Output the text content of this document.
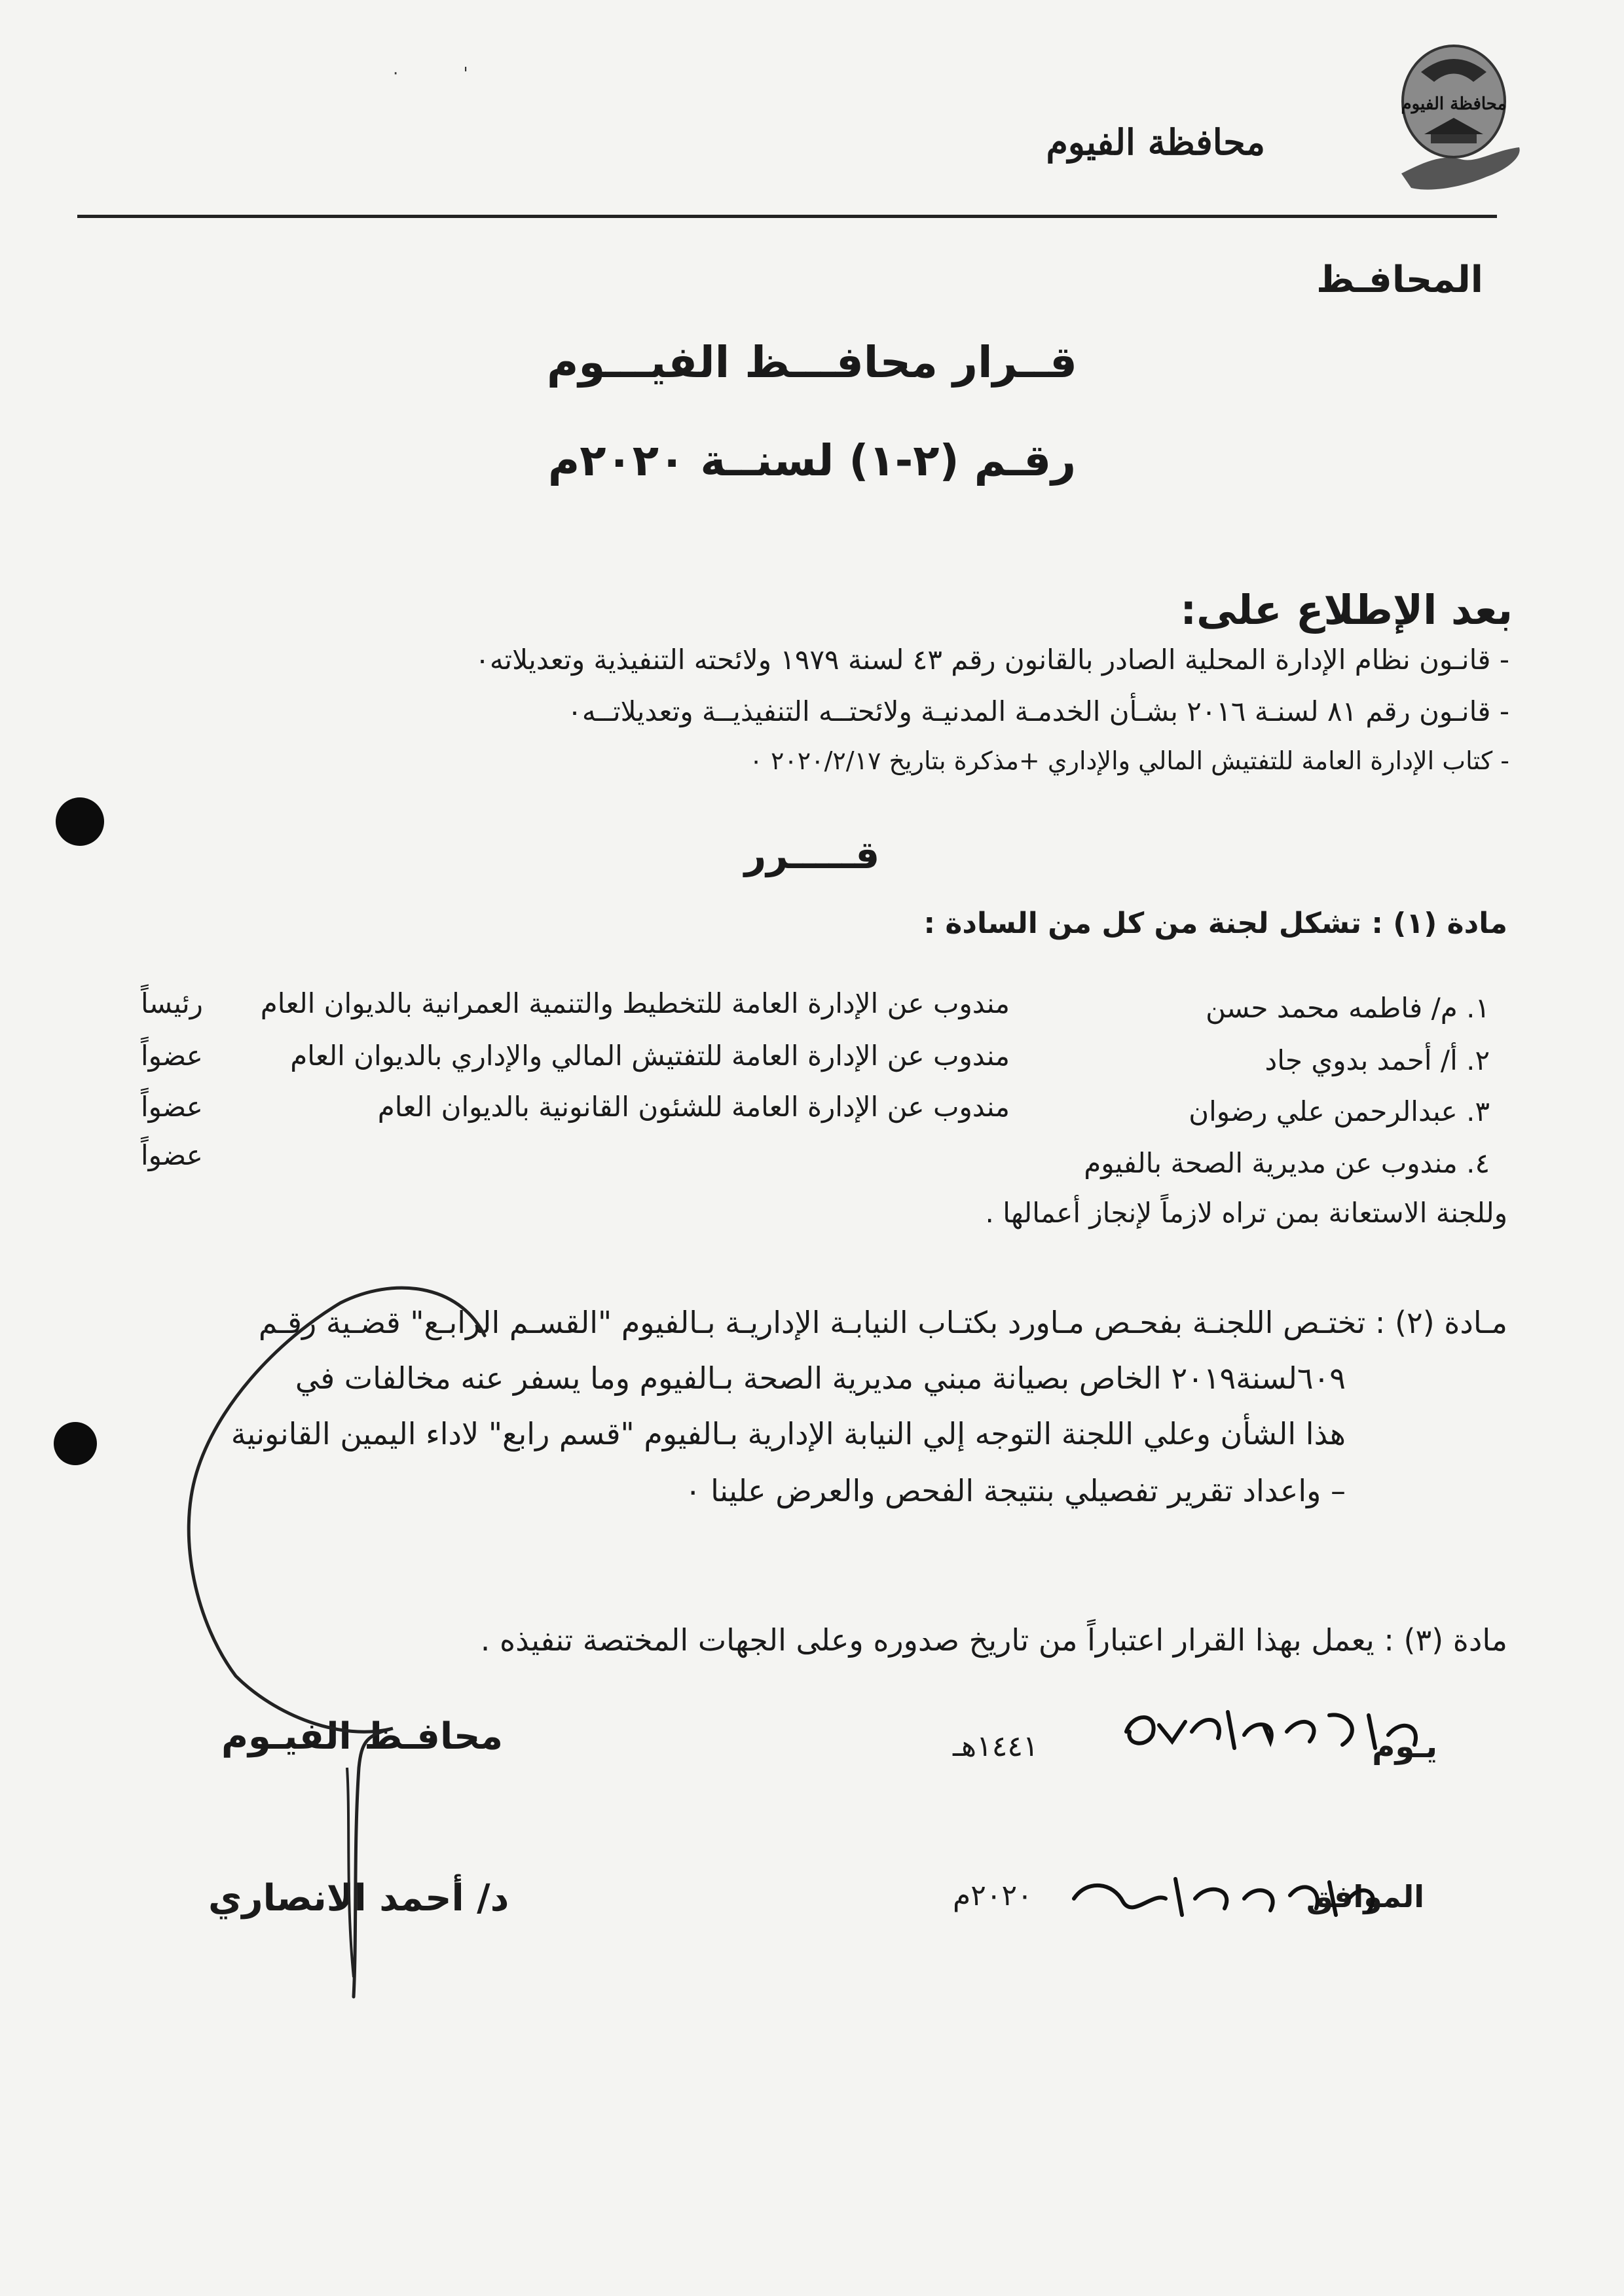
·            '
محافظة الفيوم
محافظة الفيوم
المحافـظ
قــرار محافـــظ الفيـــوم
رقـم (٢-١) لسنــة ٢٠٢٠م
بعد الإطلاع على:
- قانـون نظام الإدارة المحلية الصادر بالقانون رقم ٤٣ لسنة ١٩٧٩ ولائحته التنفيذية وتعديلاته٠
- قانـون رقم ٨١ لسنـة ٢٠١٦ بشـأن الخدمـة المدنيـة ولائحتــه التنفيذيــة وتعديلاتــه٠
- كتاب الإدارة العامة للتفتيش المالي والإداري +مذكرة بتاريخ ٢٠٢٠/٢/١٧ ٠
قـــــرر
مادة (١) : تشكل لجنة من كل من السادة :
١. م/ فاطمه محمد حسن
مندوب عن الإدارة العامة للتخطيط والتنمية العمرانية بالديوان العام
رئيساً
٢. أ/ أحمد بدوي جاد
مندوب عن الإدارة العامة للتفتيش المالي والإداري بالديوان العام
عضواً
٣. عبدالرحمن علي رضوان
مندوب عن الإدارة العامة للشئون القانونية بالديوان العام
عضواً
٤. مندوب عن مديرية الصحة بالفيوم
عضواً
وللجنة الاستعانة بمن تراه لازماً لإنجاز أعمالها .
مـادة (٢) : تختـص اللجنـة بفحـص مـاورد بكتـاب النيابـة الإداريـة بـالفيوم "القسـم الرابـع" قضـية رقـم
٦٠٩لسنة٢٠١٩ الخاص بصيانة مبني مديرية الصحة بـالفيوم وما يسفر عنه مخالفات في
هذا الشأن وعلي اللجنة التوجه إلي النيابة الإدارية بـالفيوم "قسم رابع" لاداء اليمين القانونية
– واعداد تقرير تفصيلي بنتيجة الفحص والعرض علينا ٠
مادة (٣) : يعمل بهذا القرار اعتباراً من تاريخ صدوره وعلى الجهات المختصة تنفيذه .
محافـظ الفيـوم
د/ أحمد الانصاري
يـوم
١٤٤١هـ
الموافق
٢٠٢٠م
